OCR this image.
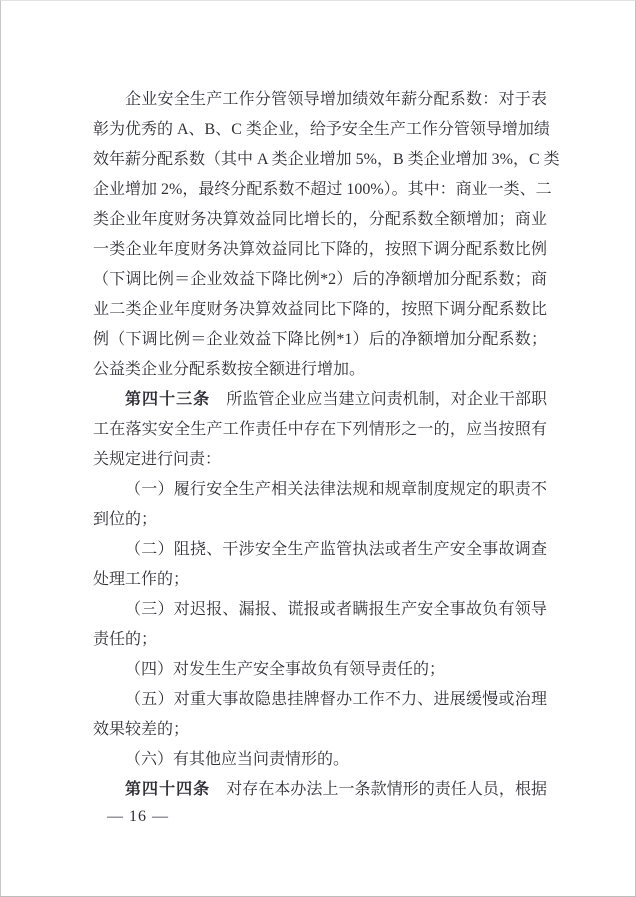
企业安全生产工作分管领导增加绩效年薪分配系数：对于表
彰为优秀的 A、B、C 类企业，给予安全生产工作分管领导增加绩
效年薪分配系数（其中 A 类企业增加 5%，B 类企业增加 3%，C 类
企业增加 2%，最终分配系数不超过 100%）。其中：商业一类、二
类企业年度财务决算效益同比增长的，分配系数全额增加；商业
一类企业年度财务决算效益同比下降的，按照下调分配系数比例
（下调比例＝企业效益下降比例*2）后的净额增加分配系数；商
业二类企业年度财务决算效益同比下降的，按照下调分配系数比
例（下调比例＝企业效益下降比例*1）后的净额增加分配系数；
公益类企业分配系数按全额进行增加。
第四十三条　所监管企业应当建立问责机制，对企业干部职
工在落实安全生产工作责任中存在下列情形之一的，应当按照有
关规定进行问责：
（一）履行安全生产相关法律法规和规章制度规定的职责不
到位的；
（二）阻挠、干涉安全生产监管执法或者生产安全事故调查
处理工作的；
（三）对迟报、漏报、谎报或者瞒报生产安全事故负有领导
责任的；
（四）对发生生产安全事故负有领导责任的；
（五）对重大事故隐患挂牌督办工作不力、进展缓慢或治理
效果较差的；
（六）有其他应当问责情形的。
第四十四条　对存在本办法上一条款情形的责任人员，根据
— 16 —
